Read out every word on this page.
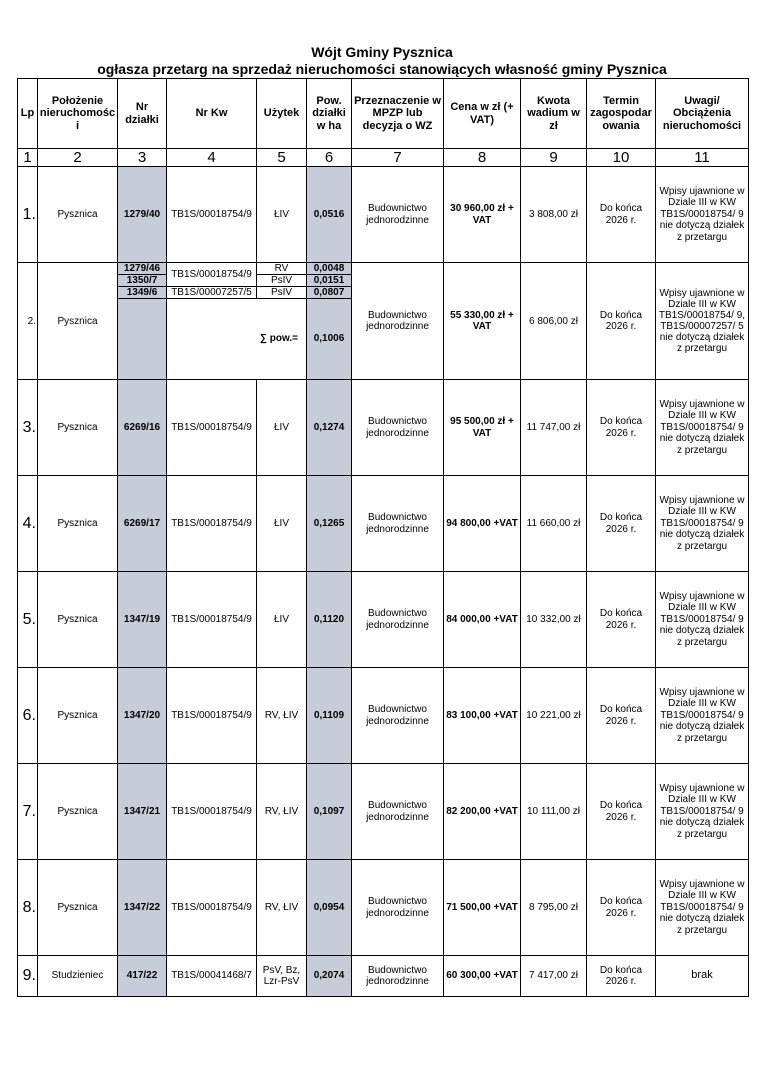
Wójt Gminy Pysznica
ogłasza przetarg na sprzedaż nieruchomości stanowiących własność gminy Pysznica
Lp	Położenie nieruchomości	Nr działki	Nr Kw	Użytek	Pow. działki w ha	Przeznaczenie w MPZP lub decyzja o WZ	Cena w zł (+ VAT)	Kwota wadium w zł	Termin zagospodarowania	Uwagi/ Obciążenia nieruchomości
1	2	3	4	5	6	7	8	9	10	11
1.	Pysznica	1279/40	TB1S/00018754/9	ŁIV	0,0516	Budownictwo jednorodzinne	30 960,00 zł + VAT	3 808,00 zł	Do końca 2026 r.	Wpisy ujawnione w Dziale III w KW TB1S/00018754/ 9 nie dotyczą działek z przetargu
2.	Pysznica	1279/46	TB1S/00018754/9	RV	0,0048	Budownictwo jednorodzinne	55 330,00 zł + VAT	6 806,00 zł	Do końca 2026 r.	Wpisy ujawnione w Dziale III w KW TB1S/00018754/ 9, TB1S/00007257/ 5 nie dotyczą działek z przetargu
		1350/7		PsIV	0,0151					
		1349/6	TB1S/00007257/5	PsIV	0,0807					
			∑ pow.=		0,1006					
3.	Pysznica	6269/16	TB1S/00018754/9	ŁIV	0,1274	Budownictwo jednorodzinne	95 500,00 zł + VAT	11 747,00 zł	Do końca 2026 r.	Wpisy ujawnione w Dziale III w KW TB1S/00018754/ 9 nie dotyczą działek z przetargu
4.	Pysznica	6269/17	TB1S/00018754/9	ŁIV	0,1265	Budownictwo jednorodzinne	94 800,00 +VAT	11 660,00 zł	Do końca 2026 r.	Wpisy ujawnione w Dziale III w KW TB1S/00018754/ 9 nie dotyczą działek z przetargu
5.	Pysznica	1347/19	TB1S/00018754/9	ŁIV	0,1120	Budownictwo jednorodzinne	84 000,00 +VAT	10 332,00 zł	Do końca 2026 r.	Wpisy ujawnione w Dziale III w KW TB1S/00018754/ 9 nie dotyczą działek z przetargu
6.	Pysznica	1347/20	TB1S/00018754/9	RV, ŁIV	0,1109	Budownictwo jednorodzinne	83 100,00 +VAT	10 221,00 zł	Do końca 2026 r.	Wpisy ujawnione w Dziale III w KW TB1S/00018754/ 9 nie dotyczą działek z przetargu
7.	Pysznica	1347/21	TB1S/00018754/9	RV, ŁIV	0,1097	Budownictwo jednorodzinne	82 200,00 +VAT	10 111,00 zł	Do końca 2026 r.	Wpisy ujawnione w Dziale III w KW TB1S/00018754/ 9 nie dotyczą działek z przetargu
8.	Pysznica	1347/22	TB1S/00018754/9	RV, ŁIV	0,0954	Budownictwo jednorodzinne	71 500,00 +VAT	8 795,00 zł	Do końca 2026 r.	Wpisy ujawnione w Dziale III w KW TB1S/00018754/ 9 nie dotyczą działek z przetargu
9.	Studzieniec	417/22	TB1S/00041468/7	PsV, Bz, Lzr-PsV	0,2074	Budownictwo jednorodzinne	60 300,00 +VAT	7 417,00 zł	Do końca 2026 r.	brak
